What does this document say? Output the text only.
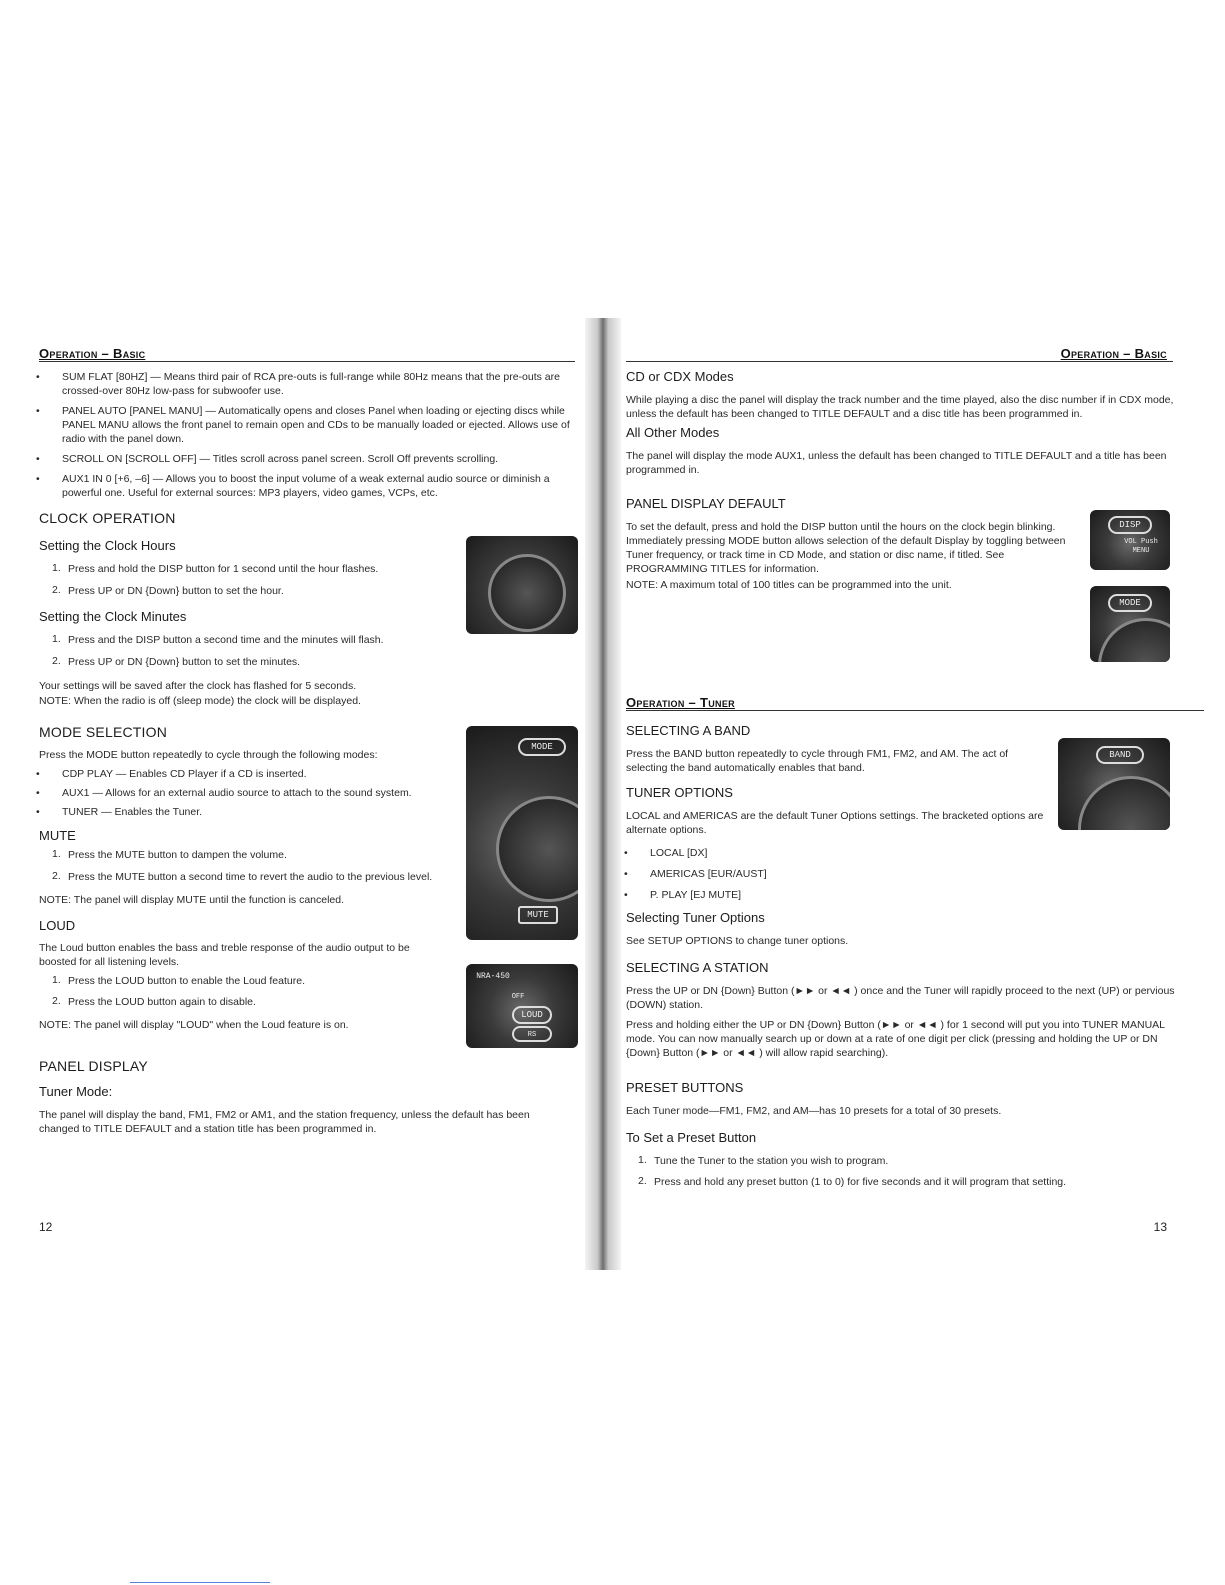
Operation – Basic
• SUM FLAT [80HZ] — Means third pair of RCA pre-outs is full-range while 80Hz means that the pre-outs are crossed-over 80Hz low-pass for subwoofer use.
• PANEL AUTO [PANEL MANU] — Automatically opens and closes Panel when loading or ejecting discs while PANEL MANU allows the front panel to remain open and CDs to be manually loaded or ejected. Allows use of radio with the panel down.
• SCROLL ON [SCROLL OFF] — Titles scroll across panel screen. Scroll Off prevents scrolling.
• AUX1 IN 0 [+6, –6] — Allows you to boost the input volume of a weak external audio source or diminish a powerful one. Useful for external sources: MP3 players, video games, VCPs, etc.
CLOCK OPERATION
Setting the Clock Hours
1. Press and hold the DISP button for 1 second until the hour flashes.
2. Press UP or DN {Down} button to set the hour.
Setting the Clock Minutes
1. Press and the DISP button a second time and the minutes will flash.
2. Press UP or DN {Down} button to set the minutes.
Your settings will be saved after the clock has flashed for 5 seconds.
NOTE: When the radio is off (sleep mode) the clock will be displayed.
MODE SELECTION
Press the MODE button repeatedly to cycle through the following modes:
• CDP PLAY — Enables CD Player if a CD is inserted.
• AUX1 — Allows for an external audio source to attach to the sound system.
• TUNER — Enables the Tuner.
MUTE
1. Press the MUTE button to dampen the volume.
2. Press the MUTE button a second time to revert the audio to the previous level.
NOTE: The panel will display MUTE until the function is canceled.
MODE
MUTE
LOUD
The Loud button enables the bass and treble response of the audio output to be boosted for all listening levels.
1. Press the LOUD button to enable the Loud feature.
2. Press the LOUD button again to disable.
NOTE: The panel will display "LOUD" when the Loud feature is on.
NRA-450
OFF
LOUD
RS
PANEL DISPLAY
Tuner Mode:
The panel will display the band, FM1, FM2 or AM1, and the station frequency, unless the default has been changed to TITLE DEFAULT and a station title has been programmed in.
12
Operation – Basic
CD or CDX Modes
While playing a disc the panel will display the track number and the time played, also the disc number if in CDX mode, unless the default has been changed to TITLE DEFAULT and a disc title has been programmed in.
All Other Modes
The panel will display the mode AUX1, unless the default has been changed to TITLE DEFAULT and a title has been programmed in.
PANEL DISPLAY DEFAULT
To set the default, press and hold the DISP button until the hours on the clock begin blinking. Immediately pressing MODE button allows selection of the default Display by toggling between Tuner frequency, or track time in CD Mode, and station or disc name, if titled. See PROGRAMMING TITLES for information.
NOTE: A maximum total of 100 titles can be programmed into the unit.
DISP
VOL Push MENU
MODE
Operation – Tuner
SELECTING A BAND
Press the BAND button repeatedly to cycle through FM1, FM2, and AM. The act of selecting the band automatically enables that band.
BAND
TUNER OPTIONS
LOCAL and AMERICAS are the default Tuner Options settings. The bracketed options are alternate options.
• LOCAL [DX]
• AMERICAS [EUR/AUST]
• P. PLAY [EJ MUTE]
Selecting Tuner Options
See SETUP OPTIONS to change tuner options.
SELECTING A STATION
Press the UP or DN {Down} Button (►► or ◄◄ ) once and the Tuner will rapidly proceed to the next (UP) or pervious (DOWN) station.
Press and holding either the UP or DN {Down} Button (►► or ◄◄ ) for 1 second will put you into TUNER MANUAL mode. You can now manually search up or down at a rate of one digit per click (pressing and holding the UP or DN {Down} Button (►► or ◄◄ ) will allow rapid searching).
PRESET BUTTONS
Each Tuner mode—FM1, FM2, and AM—has 10 presets for a total of 30 presets.
To Set a Preset Button
1. Tune the Tuner to the station you wish to program.
2. Press and hold any preset button (1 to 0) for five seconds and it will program that setting.
13
